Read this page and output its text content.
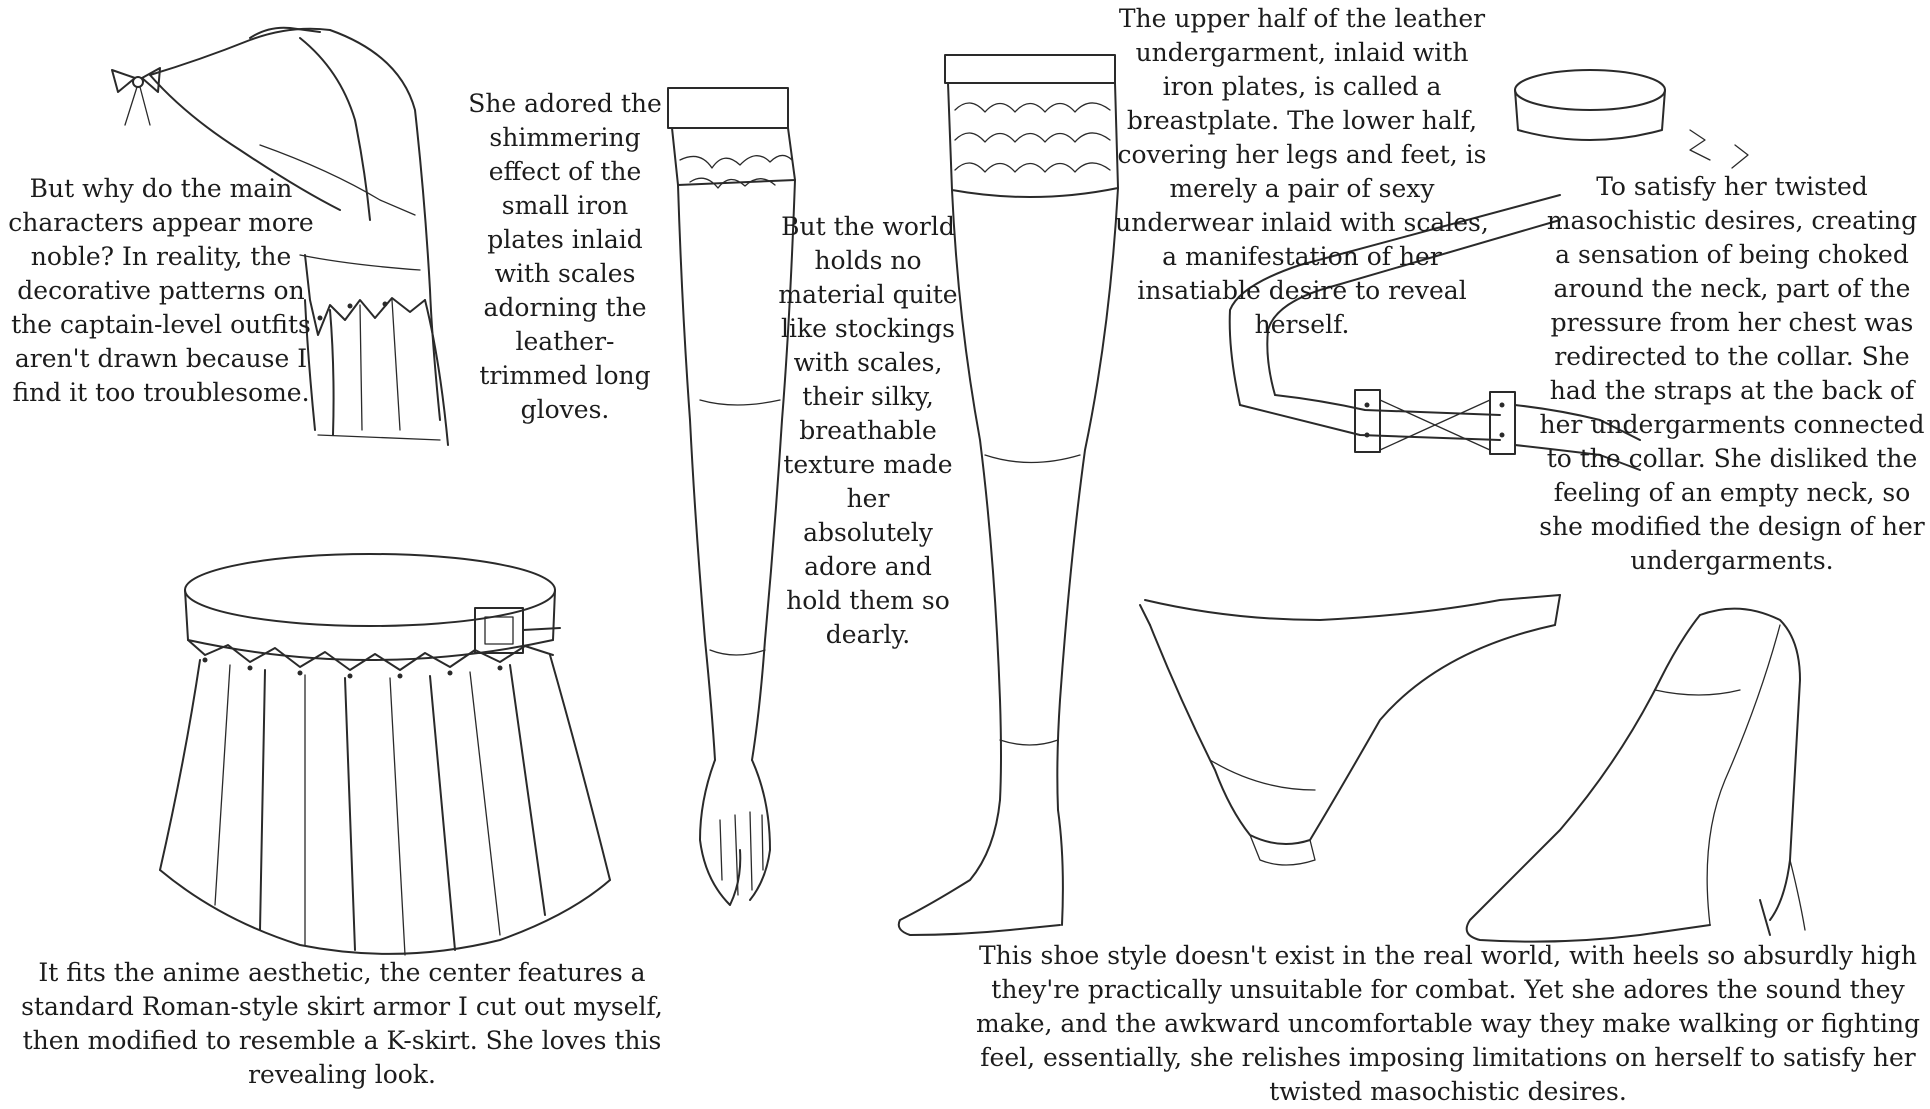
But why do the main characters appear more noble? In reality, the decorative patterns on the captain-level outfits aren't drawn because I find it too troublesome.
She adored the shimmering effect of the small iron plates inlaid with scales adorning the leather-trimmed long gloves.
But the world holds no material quite like stockings with scales, their silky, breathable texture made her absolutely adore and hold them so dearly.
The upper half of the leather undergarment, inlaid with iron plates, is called a breastplate. The lower half, covering her legs and feet, is merely a pair of sexy underwear inlaid with scales, a manifestation of her insatiable desire to reveal herself.
To satisfy her twisted masochistic desires, creating a sensation of being choked around the neck, part of the pressure from her chest was redirected to the collar. She had the straps at the back of her undergarments connected to the collar. She disliked the feeling of an empty neck, so she modified the design of her undergarments.
It fits the anime aesthetic, the center features a standard Roman-style skirt armor I cut out myself, then modified to resemble a K-skirt. She loves this revealing look.
This shoe style doesn't exist in the real world, with heels so absurdly high they're practically unsuitable for combat. Yet she adores the sound they make, and the awkward uncomfortable way they make walking or fighting feel, essentially, she relishes imposing limitations on herself to satisfy her twisted masochistic desires.
